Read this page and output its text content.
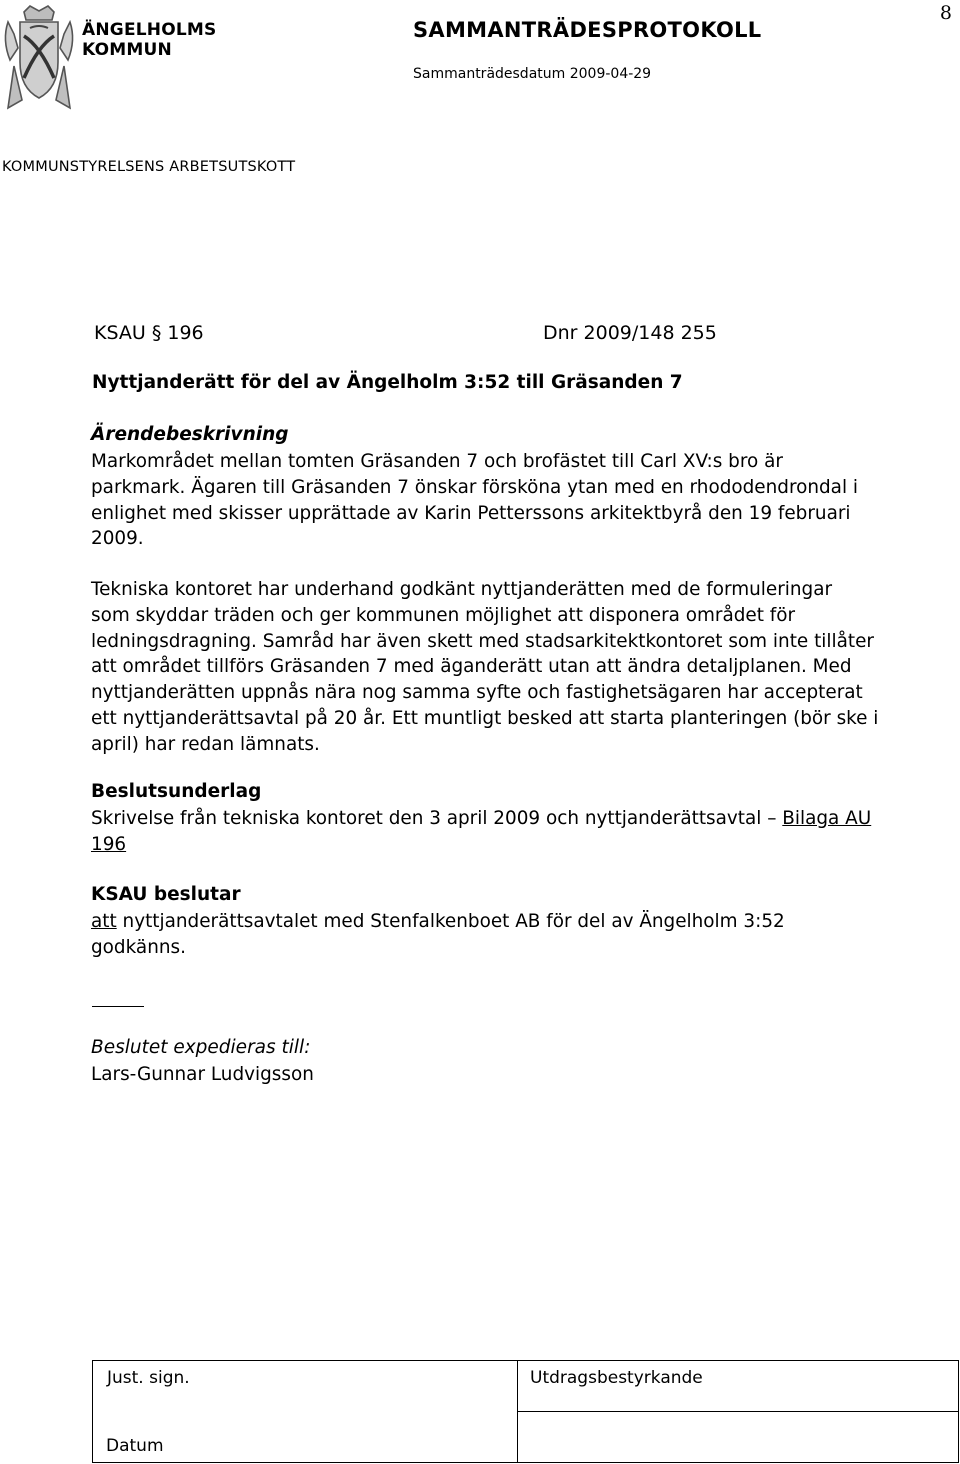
ÄNGELHOLMS
KOMMUN
8
SAMMANTRÄDESPROTOKOLL
Sammanträdesdatum 2009-04-29
KOMMUNSTYRELSENS ARBETSUTSKOTT
KSAU § 196	Dnr 2009/148 255
Nyttjanderätt för del av Ängelholm 3:52 till Gräsanden 7
Ärendebeskrivning
Markområdet mellan tomten Gräsanden 7 och brofästet till Carl XV:s bro är
parkmark. Ägaren till Gräsanden 7 önskar försköna ytan med en rhododendrondal i
enlighet med skisser upprättade av Karin Petterssons arkitektbyrå den 19 februari
2009.
Tekniska kontoret har underhand godkänt nyttjanderätten med de formuleringar
som skyddar träden och ger kommunen möjlighet att disponera området för
ledningsdragning. Samråd har även skett med stadsarkitektkontoret som inte tillåter
att området tillförs Gräsanden 7 med äganderätt utan att ändra detaljplanen. Med
nyttjanderätten uppnås nära nog samma syfte och fastighetsägaren har accepterat
ett nyttjanderättsavtal på 20 år. Ett muntligt besked att starta planteringen (bör ske i
april) har redan lämnats.
Beslutsunderlag
Skrivelse från tekniska kontoret den 3 april 2009 och nyttjanderättsavtal – Bilaga AU
196
KSAU beslutar
att nyttjanderättsavtalet med Stenfalkenboet AB för del av Ängelholm 3:52
godkänns.
Beslutet expedieras till:
Lars-Gunnar Ludvigsson
Just. sign.	Utdragsbestyrkande

Datum
